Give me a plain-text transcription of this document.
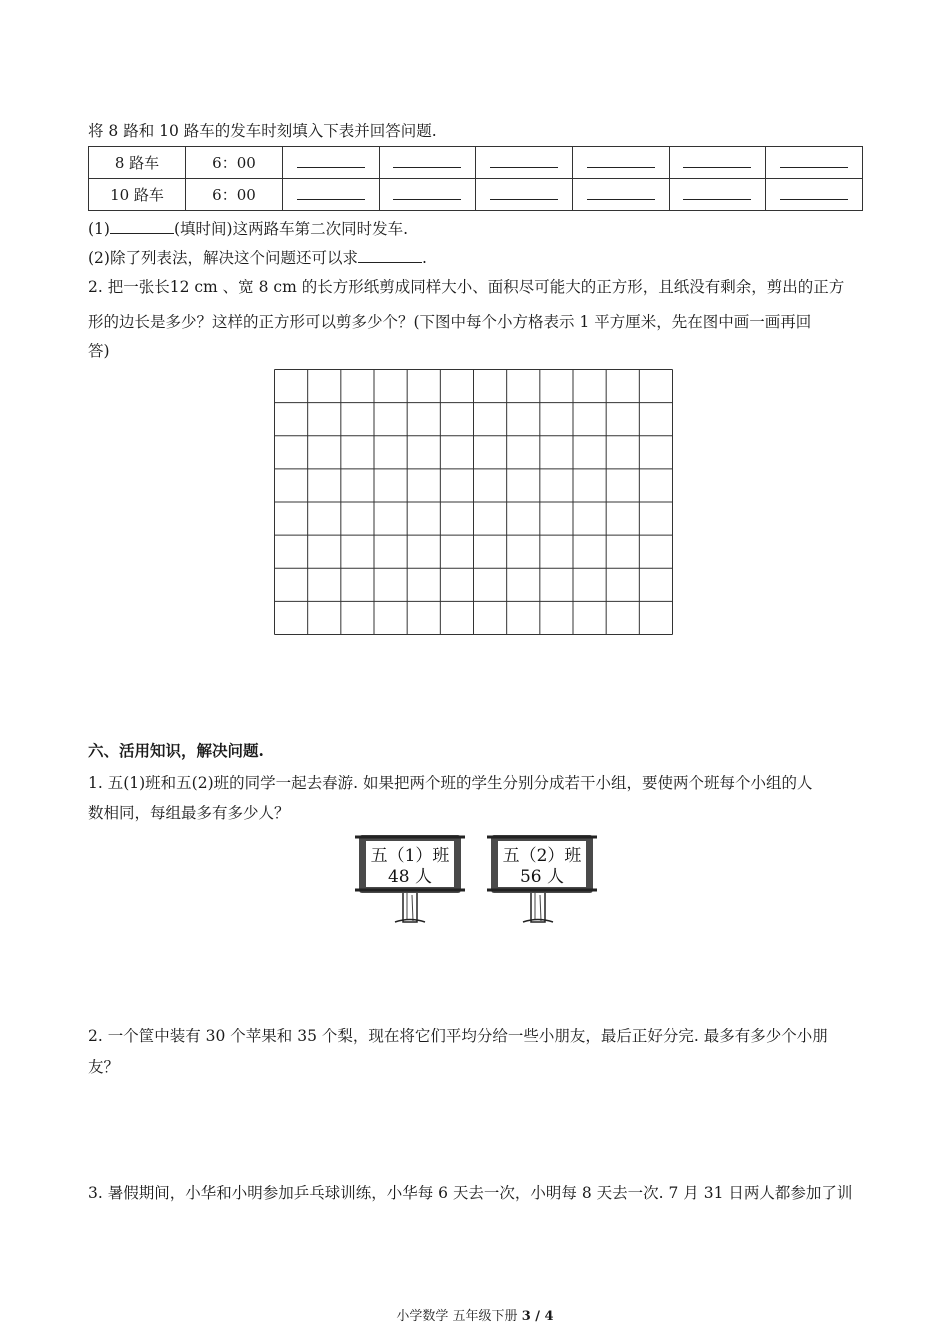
将 8 路和 10 路车的发车时刻填入下表并回答问题.
8 路车	6：00						
10 路车	6：00						
(1)	(填时间)这两路车第二次同时发车.
(2)除了列表法，解决这个问题还可以求	.
2. 把一张长12 cm 、宽 8 cm 的长方形纸剪成同样大小、面积尽可能大的正方形，且纸没有剩余，剪出的正方
形的边长是多少？这样的正方形可以剪多少个？(下图中每个小方格表示 1 平方厘米，先在图中画一画再回
答)
六、活用知识，解决问题.
1. 五(1)班和五(2)班的同学一起去春游. 如果把两个班的学生分别分成若干小组，要使两个班每个小组的人
数相同，每组最多有多少人？
五（1）班
48 人
五（2）班
56 人
2. 一个筐中装有 30 个苹果和 35 个梨，现在将它们平均分给一些小朋友，最后正好分完. 最多有多少个小朋
友？
3. 暑假期间，小华和小明参加乒乓球训练，小华每 6 天去一次，小明每 8 天去一次. 7 月 31 日两人都参加了训
小学数学 五年级下册 3 / 4
